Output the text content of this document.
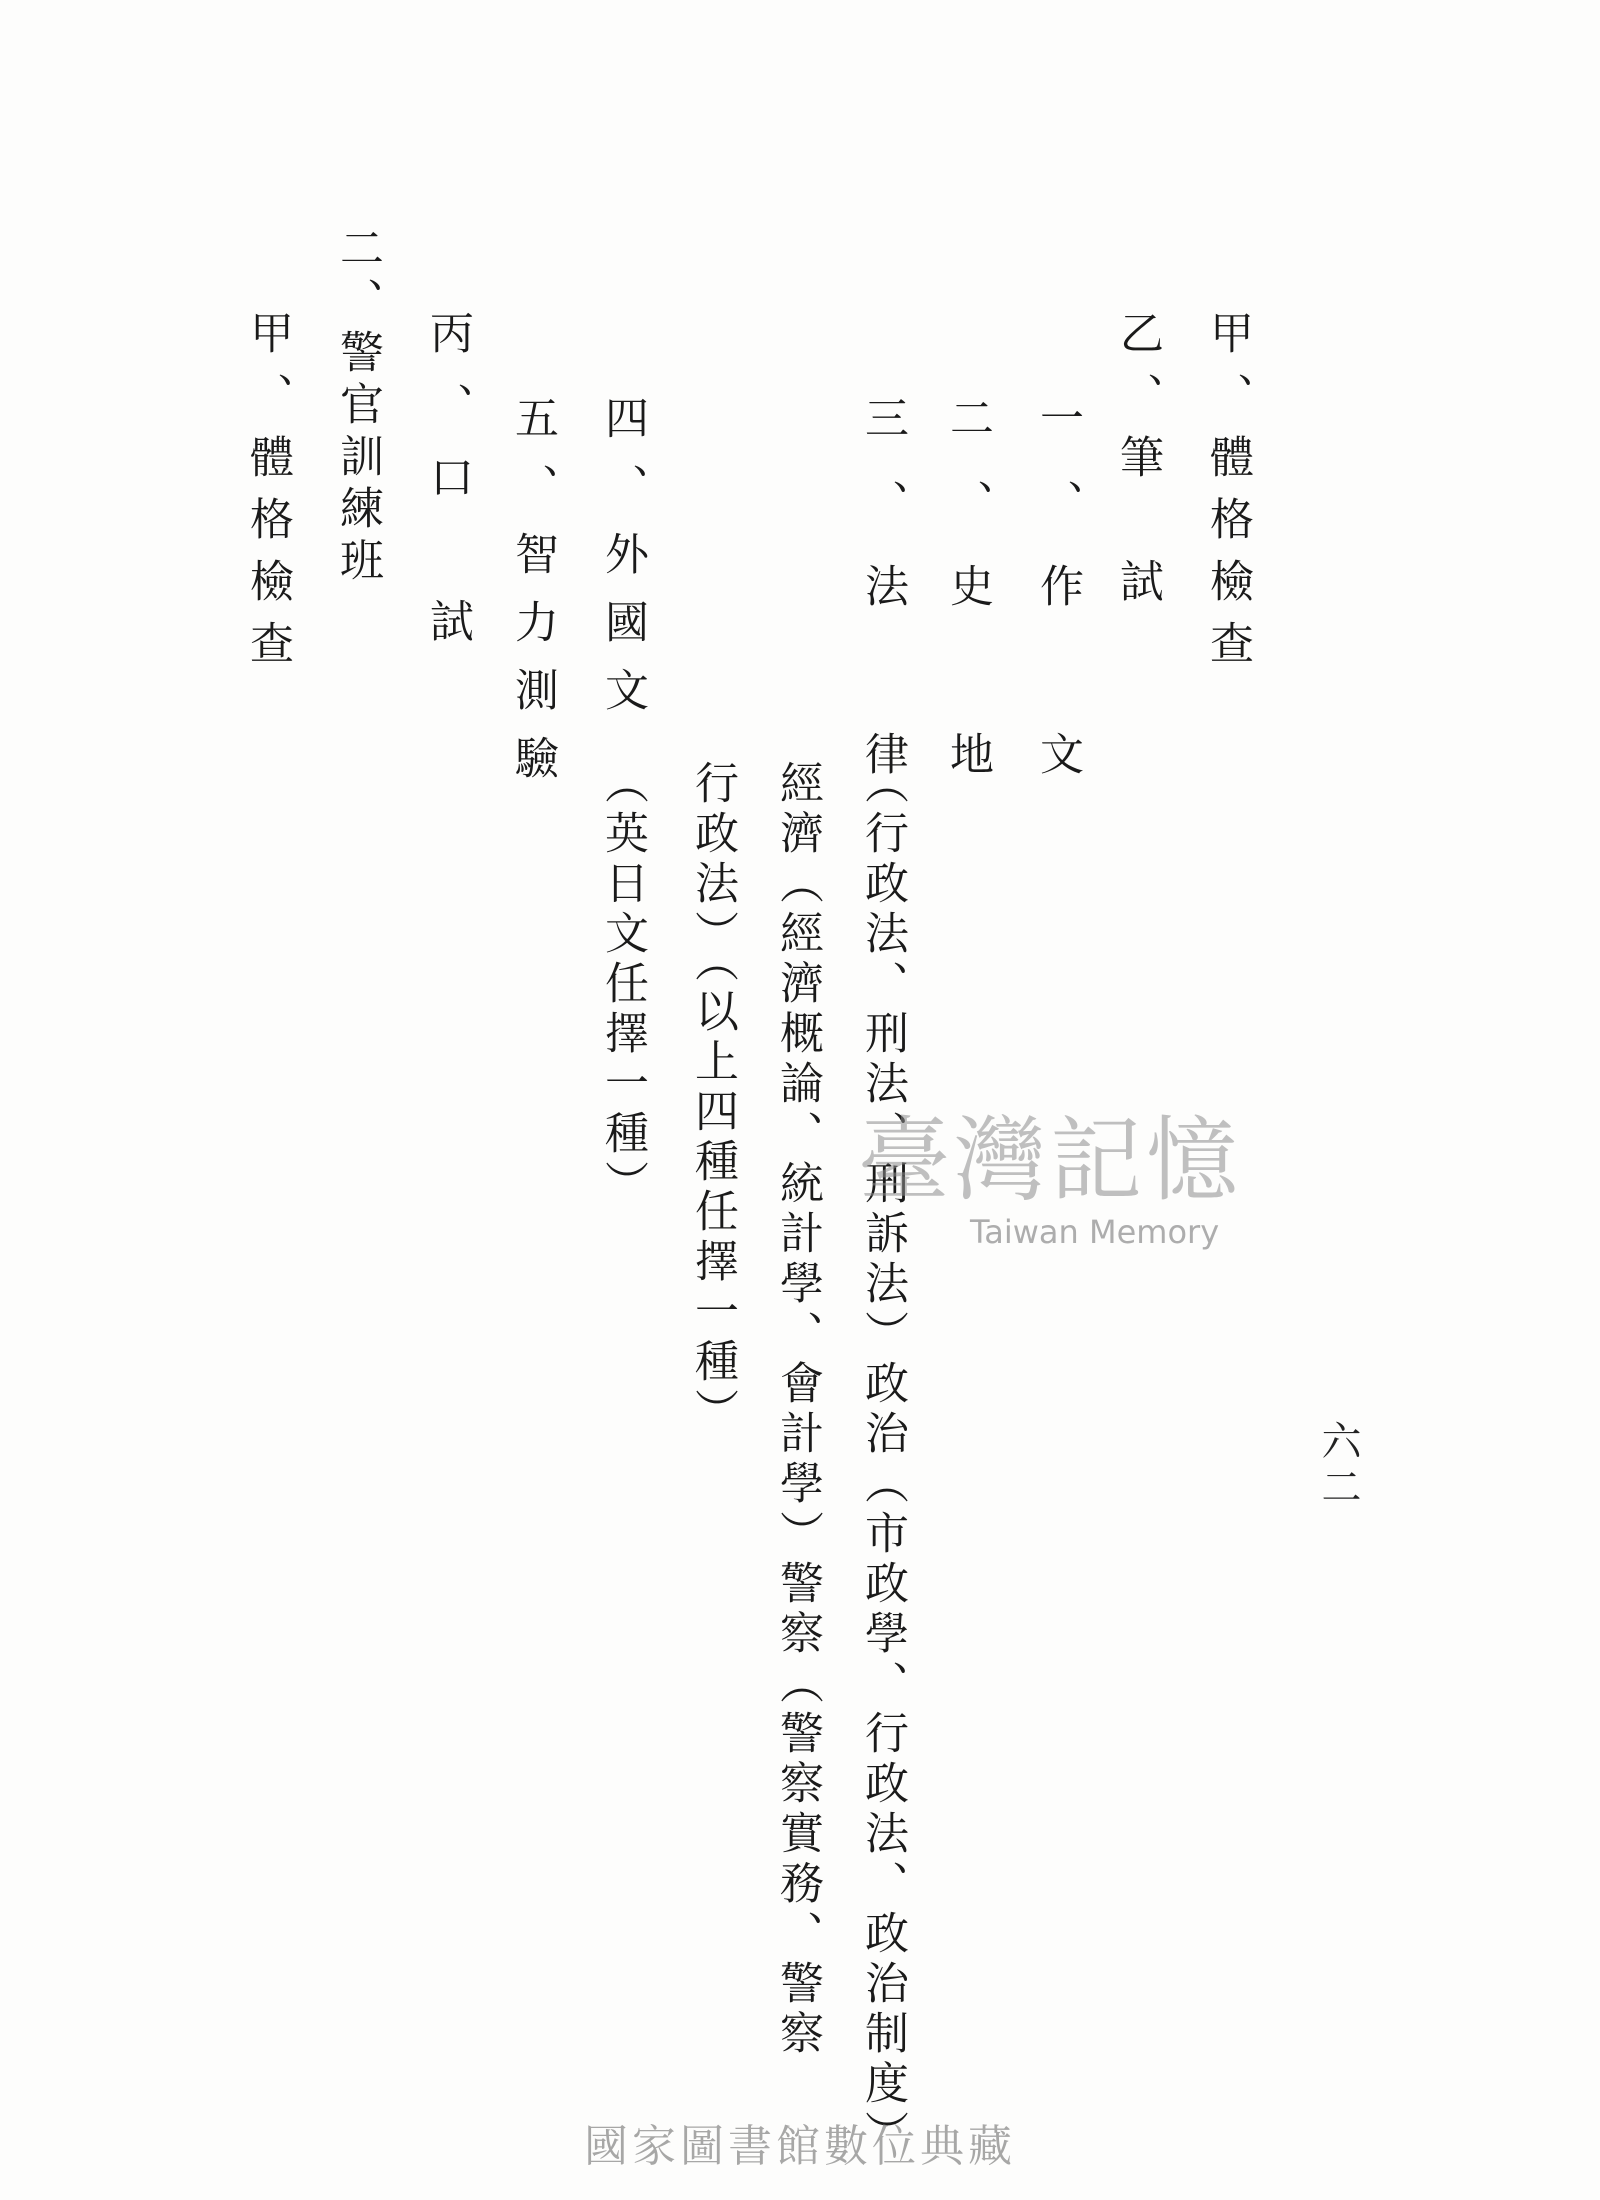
六二
甲、體格檢查
乙、筆　試
一、作　文
二、史　地
三、法　律
（行政法、刑法、刑訴法）政治（市政學、行政法、政治制度）
經濟（經濟概論、統計學、會計學）警察（警察實務、警察
行政法）（以上四種任擇一種）
四、外國文
（英日文任擇一種）
五、智力測驗
丙、口　試
二、警官訓練班
甲、體格檢查
臺灣記憶
Taiwan Memory
國家圖書館數位典藏
